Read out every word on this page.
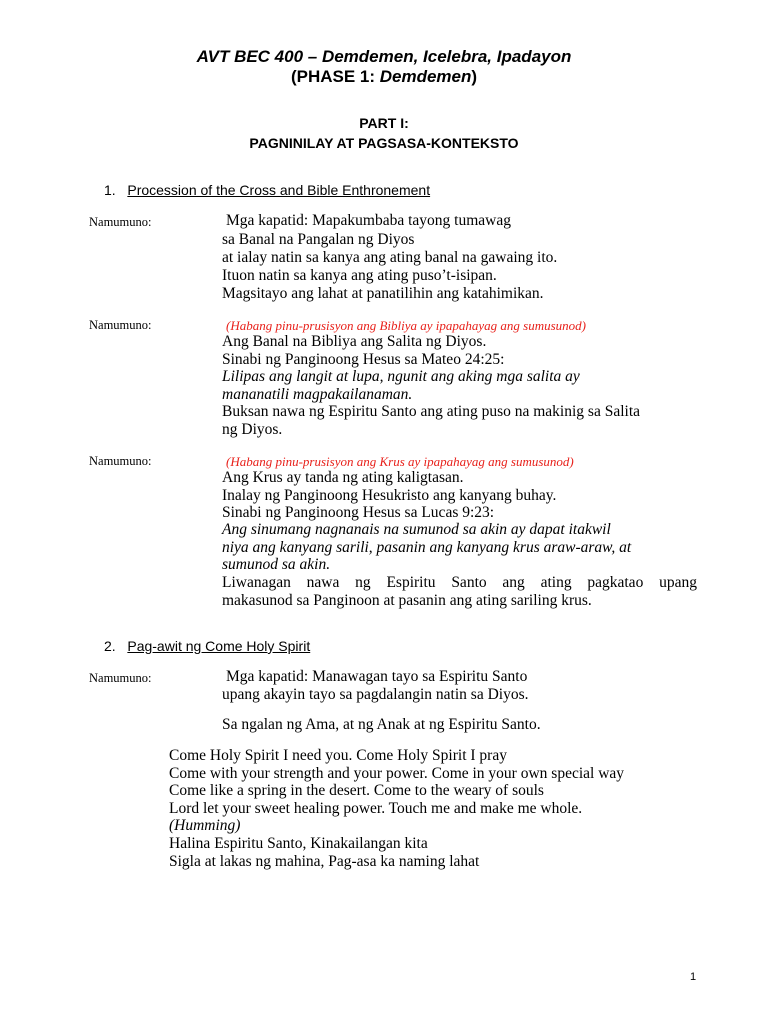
AVT BEC 400 – Demdemen, Icelebra, Ipadayon
(PHASE 1: Demdemen)
PART I:
PAGNINILAY AT PAGSASA-KONTEKSTO
1. Procession of the Cross and Bible Enthronement
Namumuno:	Mga kapatid: Mapakumbaba tayong tumawag
sa Banal na Pangalan ng Diyos
at ialay natin sa kanya ang ating banal na gawaing ito.
Ituon natin sa kanya ang ating puso’t-isipan.
Magsitayo ang lahat at panatilihin ang katahimikan.
Namumuno:	(Habang pinu-prusisyon ang Bibliya ay ipapahayag ang sumusunod)
Ang Banal na Bibliya ang Salita ng Diyos.
Sinabi ng Panginoong Hesus sa Mateo 24:25:
Lilipas ang langit at lupa, ngunit ang aking mga salita ay
mananatili magpakailanaman.
Buksan nawa ng Espiritu Santo ang ating puso na makinig sa Salita
ng Diyos.
Namumuno:	(Habang pinu-prusisyon ang Krus ay ipapahayag ang sumusunod)
Ang Krus ay tanda ng ating kaligtasan.
Inalay ng Panginoong Hesukristo ang kanyang buhay.
Sinabi ng Panginoong Hesus sa Lucas 9:23:
Ang sinumang nagnanais na sumunod sa akin ay dapat itakwil
niya ang kanyang sarili, pasanin ang kanyang krus araw-araw, at
sumunod sa akin.
Liwanagan nawa ng Espiritu Santo ang ating pagkatao upang
makasunod sa Panginoon at pasanin ang ating sariling krus.
2. Pag-awit ng Come Holy Spirit
Namumuno:	Mga kapatid: Manawagan tayo sa Espiritu Santo
upang akayin tayo sa pagdalangin natin sa Diyos.
Sa ngalan ng Ama, at ng Anak at ng Espiritu Santo.
Come Holy Spirit I need you. Come Holy Spirit I pray
Come with your strength and your power. Come in your own special way
Come like a spring in the desert. Come to the weary of souls
Lord let your sweet healing power. Touch me and make me whole.
(Humming)
Halina Espiritu Santo, Kinakailangan kita
Sigla at lakas ng mahina, Pag-asa ka naming lahat
1
